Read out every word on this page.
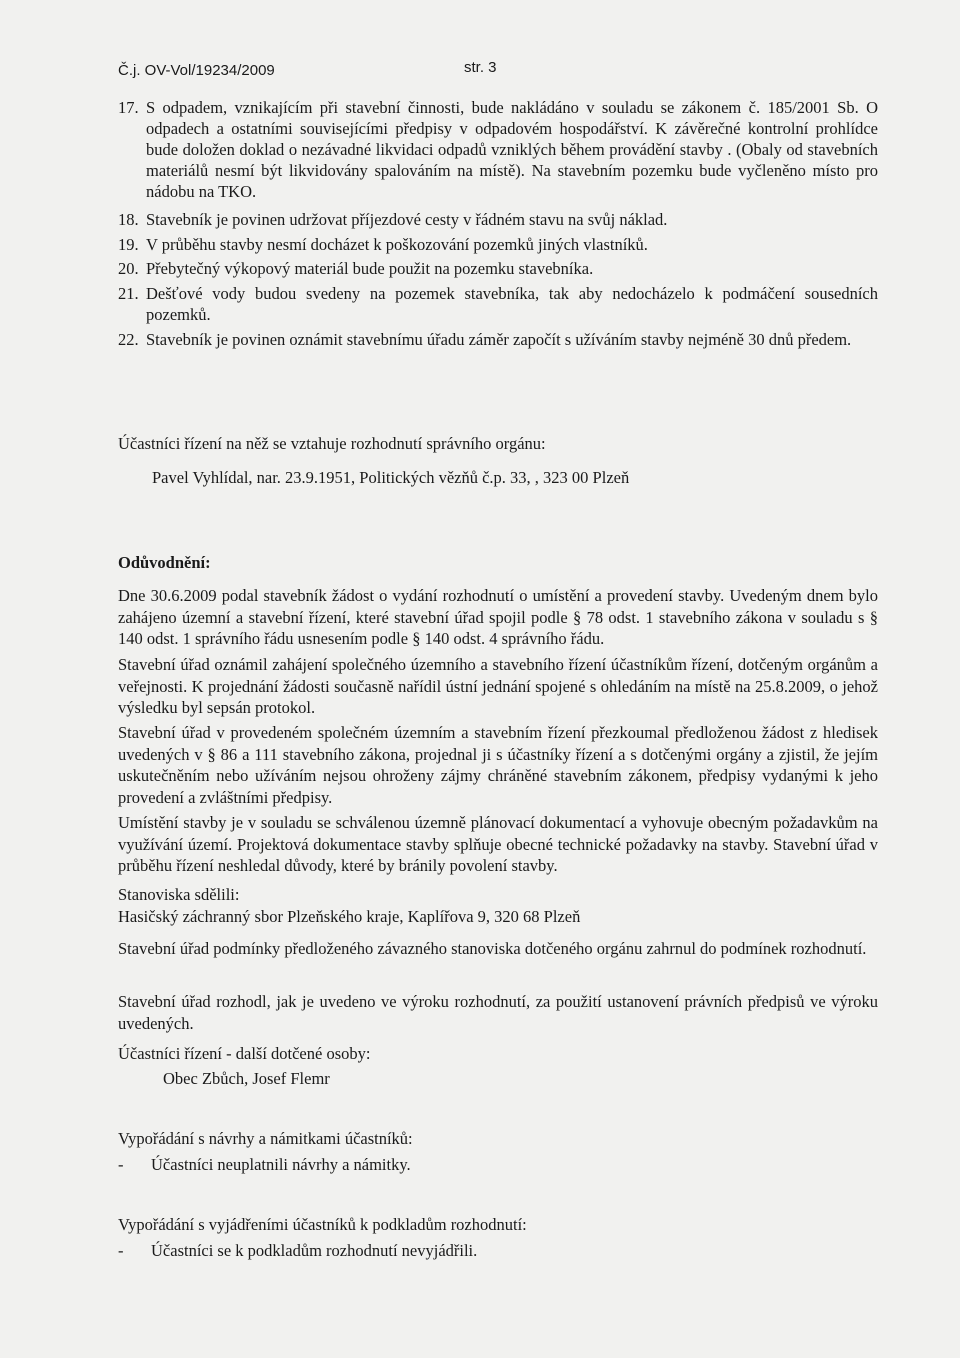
Č.j. OV-Vol/19234/2009	str. 3
17. S odpadem, vznikajícím při stavební činnosti, bude nakládáno v souladu se zákonem č. 185/2001 Sb. O odpadech a ostatními souvisejícími předpisy v odpadovém hospodářství. K závěrečné kontrolní prohlídce bude doložen doklad o nezávadné likvidaci odpadů vzniklých během provádění stavby . (Obaly od stavebních materiálů nesmí být likvidovány spalováním na místě). Na stavebním pozemku bude vyčleněno místo pro nádobu na TKO.
18. Stavebník je povinen udržovat příjezdové cesty v řádném stavu na svůj náklad.
19. V průběhu stavby nesmí docházet k poškozování pozemků jiných vlastníků.
20. Přebytečný výkopový materiál bude použit na pozemku stavebníka.
21. Dešťové vody budou svedeny na pozemek stavebníka, tak aby nedocházelo k podmáčení sousedních pozemků.
22. Stavebník je povinen oznámit stavebnímu úřadu záměr započít s užíváním stavby nejméně 30 dnů předem.
Účastníci řízení na něž se vztahuje rozhodnutí správního orgánu:
Pavel Vyhlídal, nar. 23.9.1951, Politických vězňů č.p. 33, , 323 00 Plzeň
Odůvodnění:
Dne 30.6.2009 podal stavebník žádost o vydání rozhodnutí o umístění a provedení stavby. Uvedeným dnem bylo zahájeno územní a stavební řízení, které stavební úřad spojil podle § 78 odst. 1 stavebního zákona v souladu s § 140 odst. 1 správního řádu usnesením podle § 140 odst. 4 správního řádu.
Stavební úřad oznámil zahájení společného územního a stavebního řízení účastníkům řízení, dotčeným orgánům a veřejnosti. K projednání žádosti současně nařídil ústní jednání spojené s ohledáním na místě na 25.8.2009, o jehož výsledku byl sepsán protokol.
Stavební úřad v provedeném společném územním a stavebním řízení přezkoumal předloženou žádost z hledisek uvedených v § 86 a 111 stavebního zákona, projednal ji s účastníky řízení a s dotčenými orgány a zjistil, že jejím uskutečněním nebo užíváním nejsou ohroženy zájmy chráněné stavebním zákonem, předpisy vydanými k jeho provedení a zvláštními předpisy.
Umístění stavby je v souladu se schválenou územně plánovací dokumentací a vyhovuje obecným požadavkům na využívání území. Projektová dokumentace stavby splňuje obecné technické požadavky na stavby. Stavební úřad v průběhu řízení neshledal důvody, které by bránily povolení stavby.
Stanoviska sdělili:
Hasičský záchranný sbor Plzeňského kraje, Kaplířova 9, 320 68 Plzeň
Stavební úřad podmínky předloženého závazného stanoviska dotčeného orgánu zahrnul do podmínek rozhodnutí.
Stavební úřad rozhodl, jak je uvedeno ve výroku rozhodnutí, za použití ustanovení právních předpisů ve výroku uvedených.
Účastníci řízení - další dotčené osoby:
Obec Zbůch, Josef Flemr
Vypořádání s návrhy a námitkami účastníků:
- Účastníci neuplatnili návrhy a námitky.
Vypořádání s vyjádřeními účastníků k podkladům rozhodnutí:
- Účastníci se k podkladům rozhodnutí nevyjádřili.
